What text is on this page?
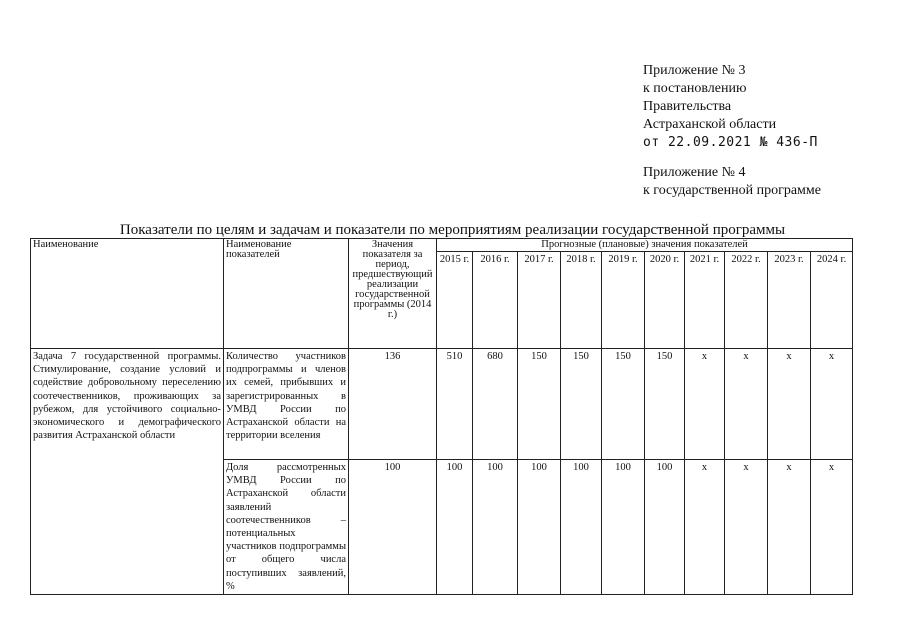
Приложение № 3
к постановлению
Правительства
Астраханской области
от 22.09.2021 № 436-П
Приложение № 4
к государственной программе
Показатели по целям и задачам и показатели по мероприятиям реализации государственной программы
Наименование	Наименование показателей	Значения показателя за период, предшествующий реализации государственной программы (2014 г.)	Прогнозные (плановые) значения показателей									
			2015 г.	2016 г.	2017 г.	2018 г.	2019 г.	2020 г.	2021 г.	2022 г.	2023 г.	2024 г.
Задача 7 государственной программы. Стимулирование, создание условий и содействие добровольному переселению соотечественников, проживающих за рубежом, для устойчивого социально-экономического и демографического развития Астраханской области	Количество участников подпрограммы и членов их семей, прибывших и зарегистрированных в УМВД России по Астраханской области на территории вселения	136	510	680	150	150	150	150	x	x	x	x
	Доля рассмотренных УМВД России по Астраханской области заявлений соотечественников – потенциальных участников подпрограммы от общего числа поступивших заявлений, %	100	100	100	100	100	100	100	x	x	x	x
